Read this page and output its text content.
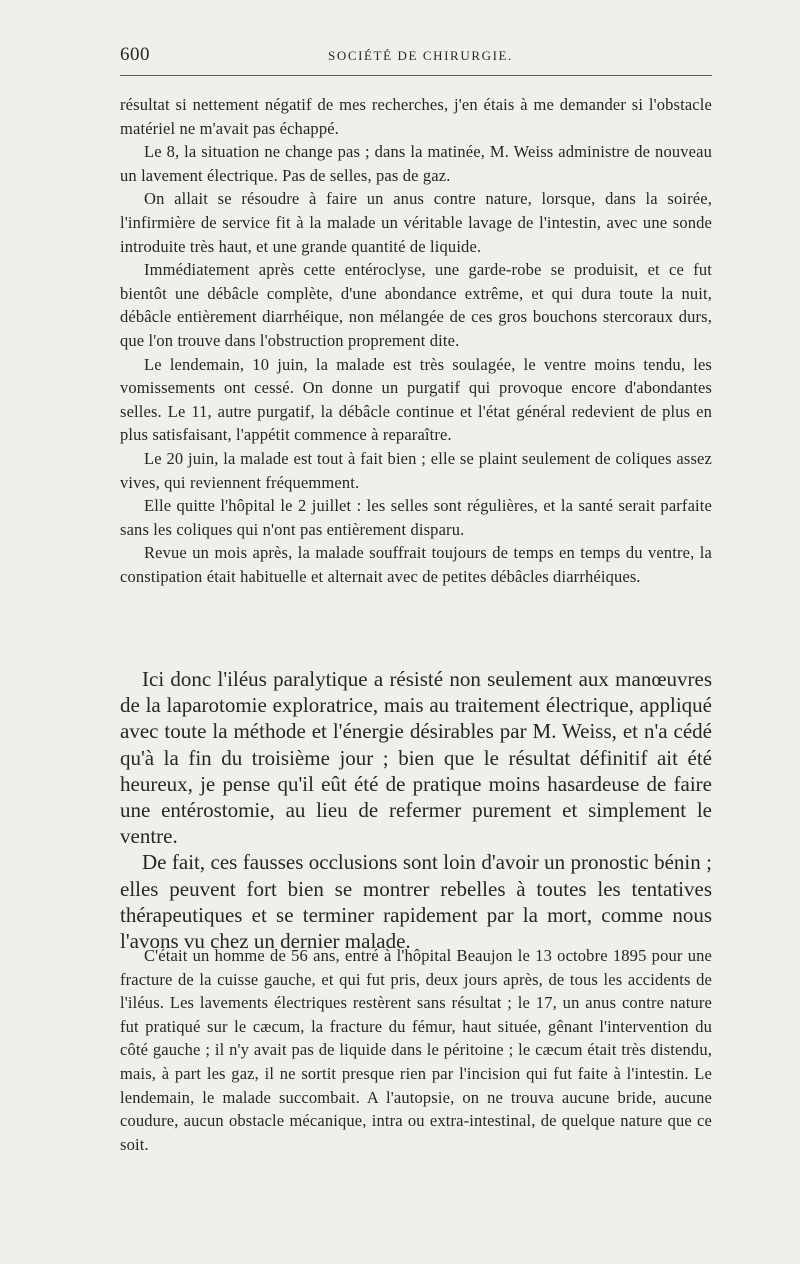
600	SOCIÉTÉ DE CHIRURGIE.

résultat si nettement négatif de mes recherches, j'en étais à me demander si l'obstacle matériel ne m'avait pas échappé.

Le 8, la situation ne change pas ; dans la matinée, M. Weiss administre de nouveau un lavement électrique. Pas de selles, pas de gaz.

On allait se résoudre à faire un anus contre nature, lorsque, dans la soirée, l'infirmière de service fit à la malade un véritable lavage de l'intestin, avec une sonde introduite très haut, et une grande quantité de liquide.

Immédiatement après cette entéroclyse, une garde-robe se produisit, et ce fut bientôt une débâcle complète, d'une abondance extrême, et qui dura toute la nuit, débâcle entièrement diarrhéique, non mélangée de ces gros bouchons stercoraux durs, que l'on trouve dans l'obstruction proprement dite.

Le lendemain, 10 juin, la malade est très soulagée, le ventre moins tendu, les vomissements ont cessé. On donne un purgatif qui provoque encore d'abondantes selles. Le 11, autre purgatif, la débâcle continue et l'état général redevient de plus en plus satisfaisant, l'appétit commence à reparaître.

Le 20 juin, la malade est tout à fait bien ; elle se plaint seulement de coliques assez vives, qui reviennent fréquemment.

Elle quitte l'hôpital le 2 juillet : les selles sont régulières, et la santé serait parfaite sans les coliques qui n'ont pas entièrement disparu.

Revue un mois après, la malade souffrait toujours de temps en temps du ventre, la constipation était habituelle et alternait avec de petites débâcles diarrhéiques.

Ici donc l'iléus paralytique a résisté non seulement aux manœuvres de la laparotomie exploratrice, mais au traitement électrique, appliqué avec toute la méthode et l'énergie désirables par M. Weiss, et n'a cédé qu'à la fin du troisième jour ; bien que le résultat définitif ait été heureux, je pense qu'il eût été de pratique moins hasardeuse de faire une entérostomie, au lieu de refermer purement et simplement le ventre.

De fait, ces fausses occlusions sont loin d'avoir un pronostic bénin ; elles peuvent fort bien se montrer rebelles à toutes les tentatives thérapeutiques et se terminer rapidement par la mort, comme nous l'avons vu chez un dernier malade.

C'était un homme de 56 ans, entré à l'hôpital Beaujon le 13 octobre 1895 pour une fracture de la cuisse gauche, et qui fut pris, deux jours après, de tous les accidents de l'iléus. Les lavements électriques restèrent sans résultat ; le 17, un anus contre nature fut pratiqué sur le cæcum, la fracture du fémur, haut située, gênant l'intervention du côté gauche ; il n'y avait pas de liquide dans le péritoine ; le cæcum était très distendu, mais, à part les gaz, il ne sortit presque rien par l'incision qui fut faite à l'intestin. Le lendemain, le malade succombait. A l'autopsie, on ne trouva aucune bride, aucune coudure, aucun obstacle mécanique, intra ou extra-intestinal, de quelque nature que ce soit.
